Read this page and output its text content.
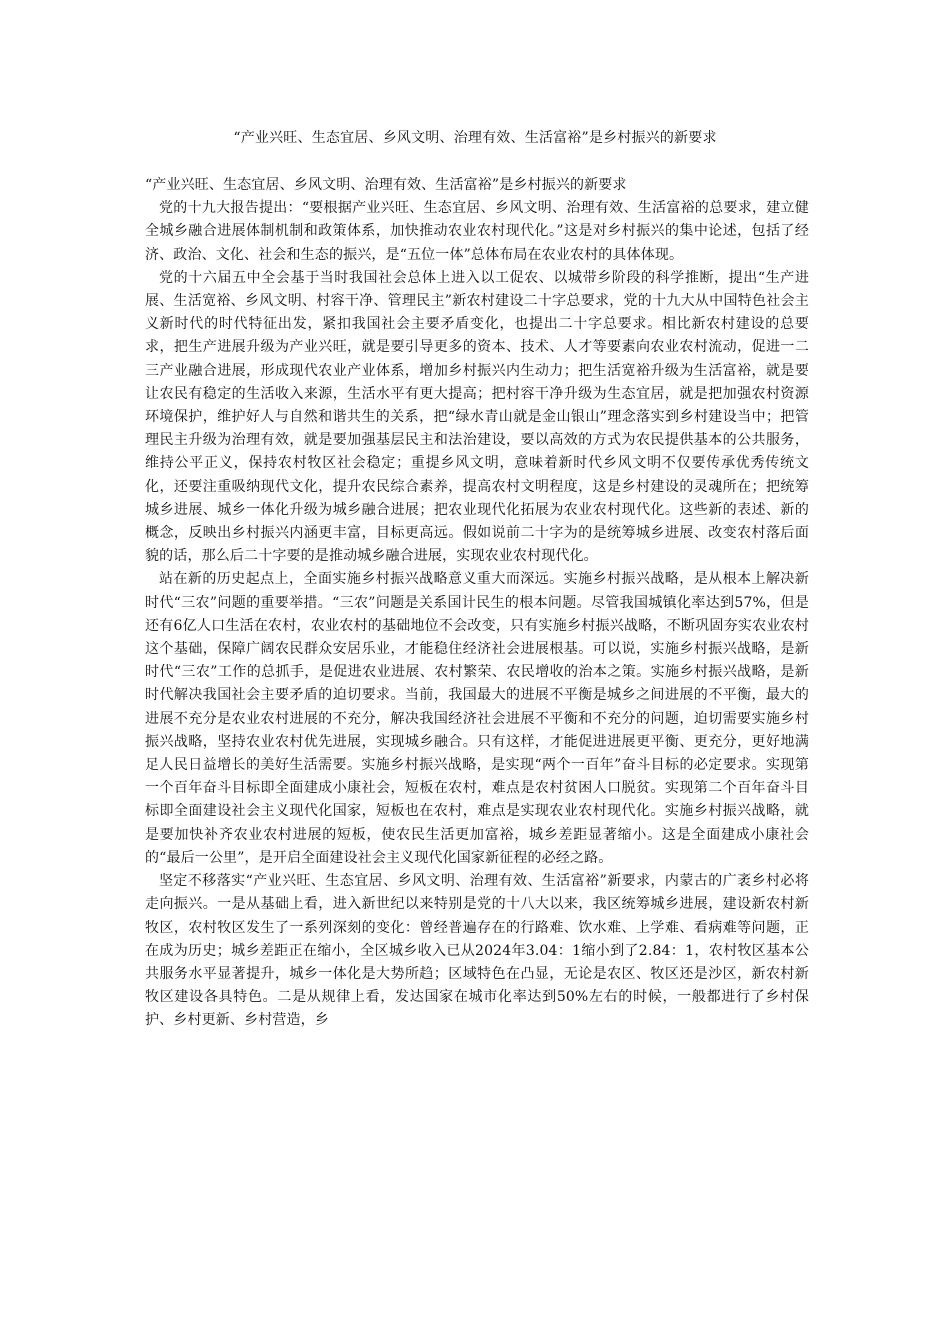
“产业兴旺、生态宜居、乡风文明、治理有效、生活富裕”是乡村振兴的新要求

“产业兴旺、生态宜居、乡风文明、治理有效、生活富裕”是乡村振兴的新要求

党的十九大报告提出：“要根据产业兴旺、生态宜居、乡风文明、治理有效、生活富裕的总要求，建立健全城乡融合进展体制机制和政策体系，加快推动农业农村现代化。”这是对乡村振兴的集中论述，包括了经济、政治、文化、社会和生态的振兴，是“五位一体”总体布局在农业农村的具体体现。

党的十六届五中全会基于当时我国社会总体上进入以工促农、以城带乡阶段的科学推断，提出“生产进展、生活宽裕、乡风文明、村容干净、管理民主”新农村建设二十字总要求，党的十九大从中国特色社会主义新时代的时代特征出发，紧扣我国社会主要矛盾变化，也提出二十字总要求。相比新农村建设的总要求，把生产进展升级为产业兴旺，就是要引导更多的资本、技术、人才等要素向农业农村流动，促进一二三产业融合进展，形成现代农业产业体系，增加乡村振兴内生动力；把生活宽裕升级为生活富裕，就是要让农民有稳定的生活收入来源，生活水平有更大提高；把村容干净升级为生态宜居，就是把加强农村资源环境保护，维护好人与自然和谐共生的关系，把“绿水青山就是金山银山”理念落实到乡村建设当中；把管理民主升级为治理有效，就是要加强基层民主和法治建设，要以高效的方式为农民提供基本的公共服务，维持公平正义，保持农村牧区社会稳定；重提乡风文明，意味着新时代乡风文明不仅要传承优秀传统文化，还要注重吸纳现代文化，提升农民综合素养，提高农村文明程度，这是乡村建设的灵魂所在；把统筹城乡进展、城乡一体化升级为城乡融合进展；把农业现代化拓展为农业农村现代化。这些新的表述、新的概念，反映出乡村振兴内涵更丰富，目标更高远。假如说前二十字为的是统筹城乡进展、改变农村落后面貌的话，那么后二十字要的是推动城乡融合进展，实现农业农村现代化。

站在新的历史起点上，全面实施乡村振兴战略意义重大而深远。实施乡村振兴战略，是从根本上解决新时代“三农”问题的重要举措。“三农”问题是关系国计民生的根本问题。尽管我国城镇化率达到57%，但是还有6亿人口生活在农村，农业农村的基础地位不会改变，只有实施乡村振兴战略，不断巩固夯实农业农村这个基础，保障广阔农民群众安居乐业，才能稳住经济社会进展根基。可以说，实施乡村振兴战略，是新时代“三农”工作的总抓手，是促进农业进展、农村繁荣、农民增收的治本之策。实施乡村振兴战略，是新时代解决我国社会主要矛盾的迫切要求。当前，我国最大的进展不平衡是城乡之间进展的不平衡，最大的进展不充分是农业农村进展的不充分，解决我国经济社会进展不平衡和不充分的问题，迫切需要实施乡村振兴战略，坚持农业农村优先进展，实现城乡融合。只有这样，才能促进进展更平衡、更充分，更好地满足人民日益增长的美好生活需要。实施乡村振兴战略，是实现“两个一百年”奋斗目标的必定要求。实现第一个百年奋斗目标即全面建成小康社会，短板在农村，难点是农村贫困人口脱贫。实现第二个百年奋斗目标即全面建设社会主义现代化国家，短板也在农村，难点是实现农业农村现代化。实施乡村振兴战略，就是要加快补齐农业农村进展的短板，使农民生活更加富裕，城乡差距显著缩小。这是全面建成小康社会的“最后一公里”，是开启全面建设社会主义现代化国家新征程的必经之路。

坚定不移落实“产业兴旺、生态宜居、乡风文明、治理有效、生活富裕”新要求，内蒙古的广袤乡村必将走向振兴。一是从基础上看，进入新世纪以来特别是党的十八大以来，我区统筹城乡进展，建设新农村新牧区，农村牧区发生了一系列深刻的变化：曾经普遍存在的行路难、饮水难、上学难、看病难等问题，正在成为历史；城乡差距正在缩小，全区城乡收入已从2024年3.04：1缩小到了2.84：1，农村牧区基本公共服务水平显著提升，城乡一体化是大势所趋；区域特色在凸显，无论是农区、牧区还是沙区，新农村新牧区建设各具特色。二是从规律上看，发达国家在城市化率达到50%左右的时候，一般都进行了乡村保护、乡村更新、乡村营造，乡
